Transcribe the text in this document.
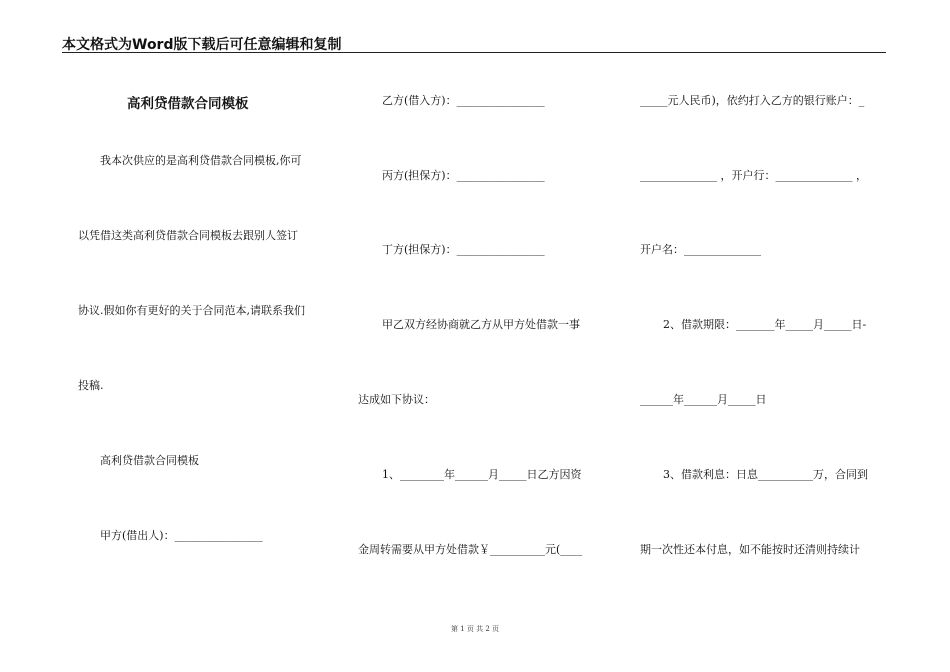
本文格式为Word版下载后可任意编辑和复制
高利贷借款合同模板
我本次供应的是高利贷借款合同模板,你可
以凭借这类高利贷借款合同模板去跟别人签订
协议.假如你有更好的关于合同范本,请联系我们
投稿.
高利贷借款合同模板
甲方(借出人)：________________
乙方(借入方)：________________
丙方(担保方)：________________
丁方(担保方)：________________
甲乙双方经协商就乙方从甲方处借款一事
达成如下协议：
1、________年______月_____日乙方因资
金周转需要从甲方处借款￥__________元(____
_____元人民币)，依约打入乙方的银行账户：_
______________ ，开户行：______________ ，
开户名：______________
2、借款期限：_______年_____月_____日-
______年______月_____日
3、借款利息：日息__________万，合同到
期一次性还本付息，如不能按时还清则持续计
第 1 页 共 2 页
